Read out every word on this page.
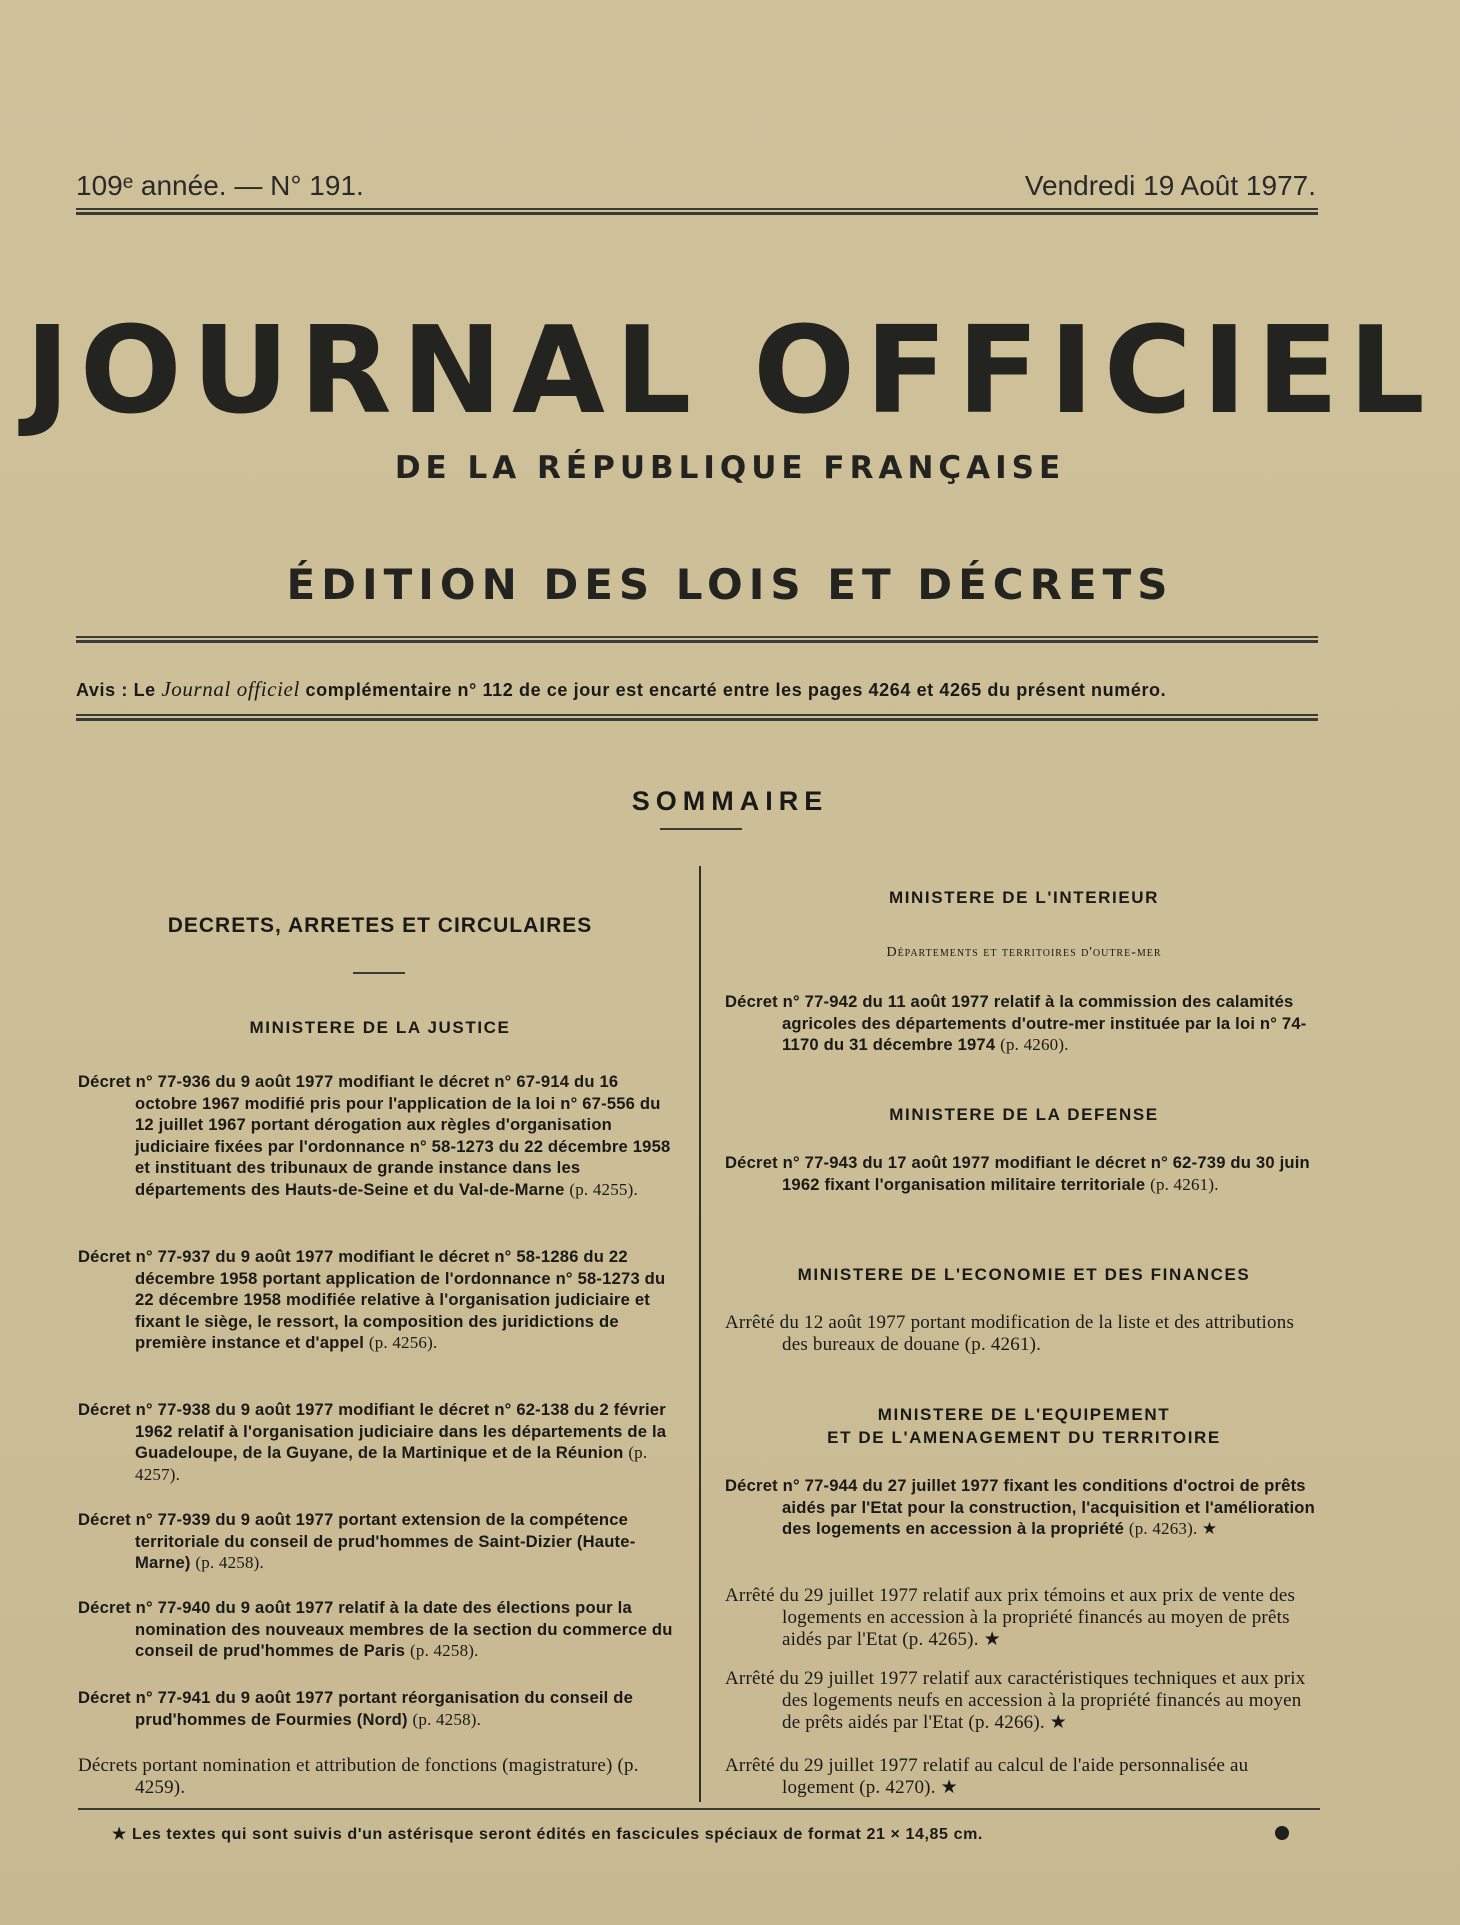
109ᵉ année. — N° 191.	Vendredi 19 Août 1977.
JOURNAL OFFICIEL
DE LA RÉPUBLIQUE FRANÇAISE
ÉDITION DES LOIS ET DÉCRETS
Avis : Le Journal officiel complémentaire n° 112 de ce jour est encarté entre les pages 4264 et 4265 du présent numéro.
SOMMAIRE
DECRETS, ARRETES ET CIRCULAIRES
MINISTERE DE LA JUSTICE
Décret n° 77-936 du 9 août 1977 modifiant le décret n° 67-914 du 16 octobre 1967 modifié pris pour l'application de la loi n° 67-556 du 12 juillet 1967 portant dérogation aux règles d'organisation judiciaire fixées par l'ordonnance n° 58-1273 du 22 décembre 1958 et instituant des tribunaux de grande instance dans les départements des Hauts-de-Seine et du Val-de-Marne (p. 4255).
Décret n° 77-937 du 9 août 1977 modifiant le décret n° 58-1286 du 22 décembre 1958 portant application de l'ordonnance n° 58-1273 du 22 décembre 1958 modifiée relative à l'organisation judiciaire et fixant le siège, le ressort, la composition des juridictions de première instance et d'appel (p. 4256).
Décret n° 77-938 du 9 août 1977 modifiant le décret n° 62-138 du 2 février 1962 relatif à l'organisation judiciaire dans les départements de la Guadeloupe, de la Guyane, de la Martinique et de la Réunion (p. 4257).
Décret n° 77-939 du 9 août 1977 portant extension de la compétence territoriale du conseil de prud'hommes de Saint-Dizier (Haute-Marne) (p. 4258).
Décret n° 77-940 du 9 août 1977 relatif à la date des élections pour la nomination des nouveaux membres de la section du commerce du conseil de prud'hommes de Paris (p. 4258).
Décret n° 77-941 du 9 août 1977 portant réorganisation du conseil de prud'hommes de Fourmies (Nord) (p. 4258).
Décrets portant nomination et attribution de fonctions (magistrature) (p. 4259).
MINISTERE DE L'INTERIEUR
Départements et territoires d'outre-mer
Décret n° 77-942 du 11 août 1977 relatif à la commission des calamités agricoles des départements d'outre-mer instituée par la loi n° 74-1170 du 31 décembre 1974 (p. 4260).
MINISTERE DE LA DEFENSE
Décret n° 77-943 du 17 août 1977 modifiant le décret n° 62-739 du 30 juin 1962 fixant l'organisation militaire territoriale (p. 4261).
MINISTERE DE L'ECONOMIE ET DES FINANCES
Arrêté du 12 août 1977 portant modification de la liste et des attributions des bureaux de douane (p. 4261).
MINISTERE DE L'EQUIPEMENT
ET DE L'AMENAGEMENT DU TERRITOIRE
Décret n° 77-944 du 27 juillet 1977 fixant les conditions d'octroi de prêts aidés par l'Etat pour la construction, l'acquisition et l'amélioration des logements en accession à la propriété (p. 4263). ★
Arrêté du 29 juillet 1977 relatif aux prix témoins et aux prix de vente des logements en accession à la propriété financés au moyen de prêts aidés par l'Etat (p. 4265). ★
Arrêté du 29 juillet 1977 relatif aux caractéristiques techniques et aux prix des logements neufs en accession à la propriété financés au moyen de prêts aidés par l'Etat (p. 4266). ★
Arrêté du 29 juillet 1977 relatif au calcul de l'aide personnalisée au logement (p. 4270). ★
★ Les textes qui sont suivis d'un astérisque seront édités en fascicules spéciaux de format 21 × 14,85 cm.
